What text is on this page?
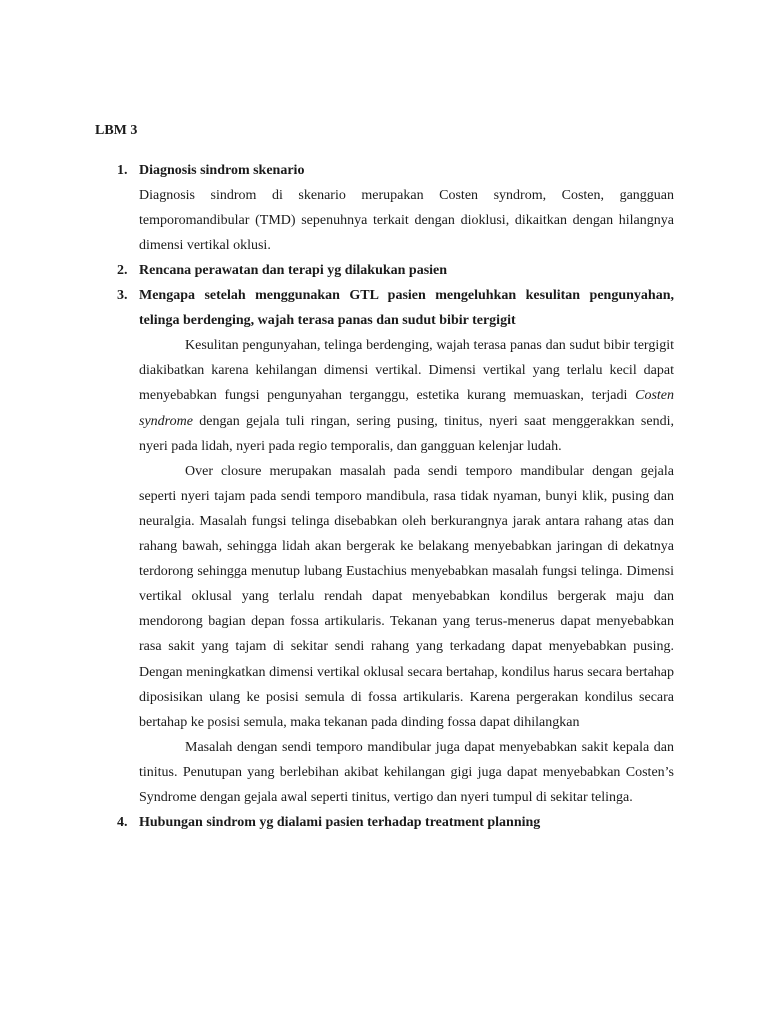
LBM 3
1. Diagnosis sindrom skenario

Diagnosis sindrom di skenario merupakan Costen syndrom, Costen, gangguan temporomandibular (TMD) sepenuhnya terkait dengan dioklusi, dikaitkan dengan hilangnya dimensi vertikal oklusi.

2. Rencana perawatan dan terapi yg dilakukan pasien

3. Mengapa setelah menggunakan GTL pasien mengeluhkan kesulitan pengunyahan, telinga berdenging, wajah terasa panas dan sudut bibir tergigit

Kesulitan pengunyahan, telinga berdenging, wajah terasa panas dan sudut bibir tergigit diakibatkan karena kehilangan dimensi vertikal. Dimensi vertikal yang terlalu kecil dapat menyebabkan fungsi pengunyahan terganggu, estetika kurang memuaskan, terjadi Costen syndrome dengan gejala tuli ringan, sering pusing, tinitus, nyeri saat menggerakkan sendi, nyeri pada lidah, nyeri pada regio temporalis, dan gangguan kelenjar ludah.

Over closure merupakan masalah pada sendi temporo mandibular dengan gejala seperti nyeri tajam pada sendi temporo mandibula, rasa tidak nyaman, bunyi klik, pusing dan neuralgia. Masalah fungsi telinga disebabkan oleh berkurangnya jarak antara rahang atas dan rahang bawah, sehingga lidah akan bergerak ke belakang menyebabkan jaringan di dekatnya terdorong sehingga menutup lubang Eustachius menyebabkan masalah fungsi telinga. Dimensi vertikal oklusal yang terlalu rendah dapat menyebabkan kondilus bergerak maju dan mendorong bagian depan fossa artikularis. Tekanan yang terus-menerus dapat menyebabkan rasa sakit yang tajam di sekitar sendi rahang yang terkadang dapat menyebabkan pusing. Dengan meningkatkan dimensi vertikal oklusal secara bertahap, kondilus harus secara bertahap diposisikan ulang ke posisi semula di fossa artikularis. Karena pergerakan kondilus secara bertahap ke posisi semula, maka tekanan pada dinding fossa dapat dihilangkan

Masalah dengan sendi temporo mandibular juga dapat menyebabkan sakit kepala dan tinitus. Penutupan yang berlebihan akibat kehilangan gigi juga dapat menyebabkan Costen’s Syndrome dengan gejala awal seperti tinitus, vertigo dan nyeri tumpul di sekitar telinga.

4. Hubungan sindrom yg dialami pasien terhadap treatment planning
